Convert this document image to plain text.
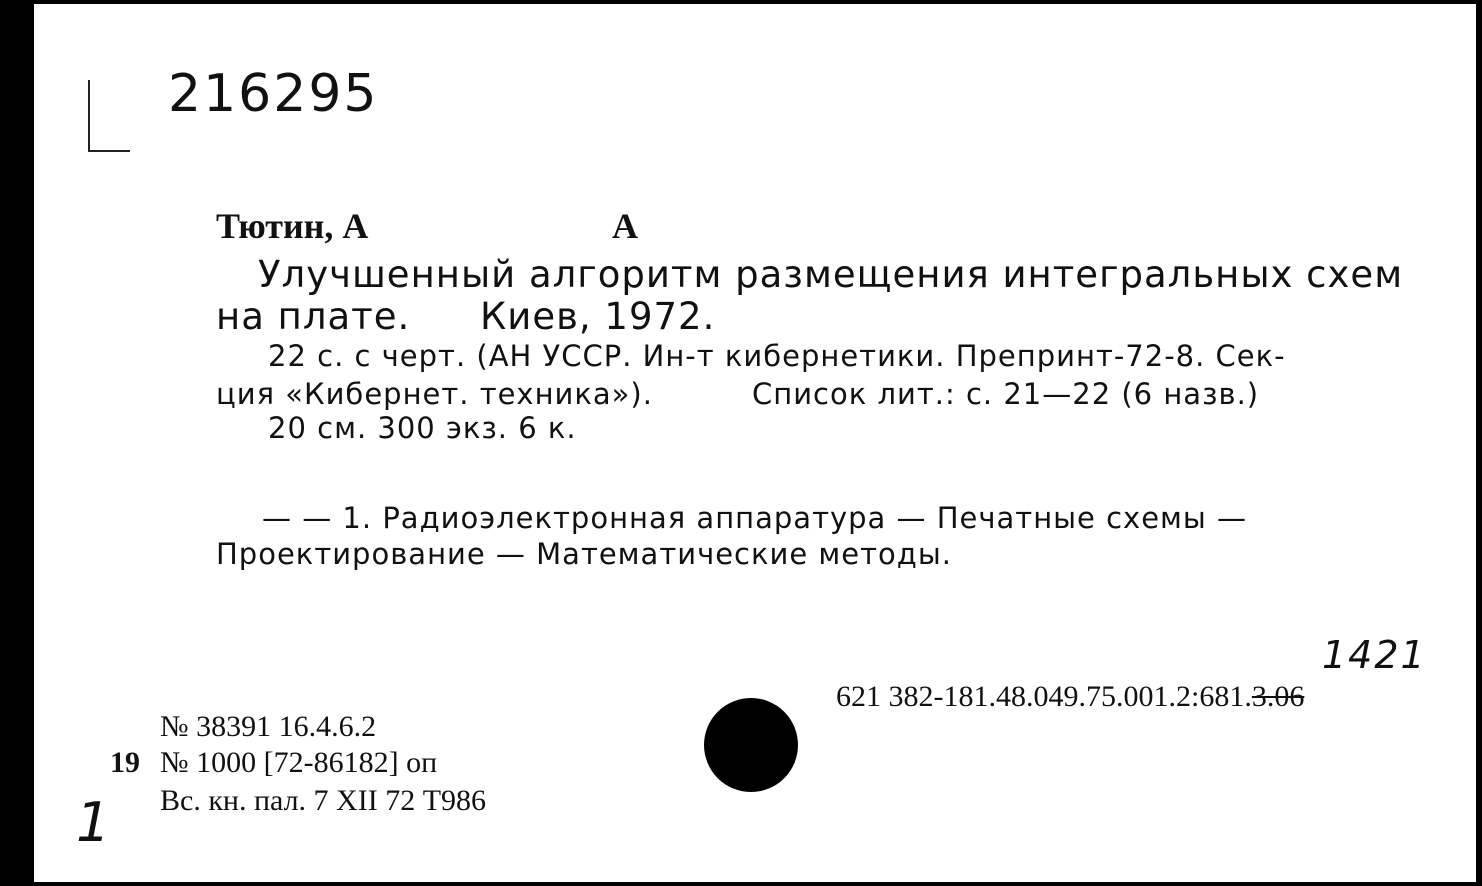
216295
Тютин, А	А
Улучшенный алгоритм размещения интегральных схем
на плате. Киев, 1972.
22 с. с черт. (АН УССР. Ин-т кибернетики. Препринт-72-8. Сек-
ция «Кибернет. техника»).	Список лит.: с. 21—22 (6 назв.)
20 см. 300 экз. 6 к.
— — 1. Радиоэлектронная аппаратура — Печатные схемы —
Проектирование — Математические методы.
1421
621 382-181.48.049.75.001.2:681.3.06
№ 38391 16.4.6.2
19 № 1000 [72-86182] оп
Вс. кн. пал. 7 XII 72 Т986
1
